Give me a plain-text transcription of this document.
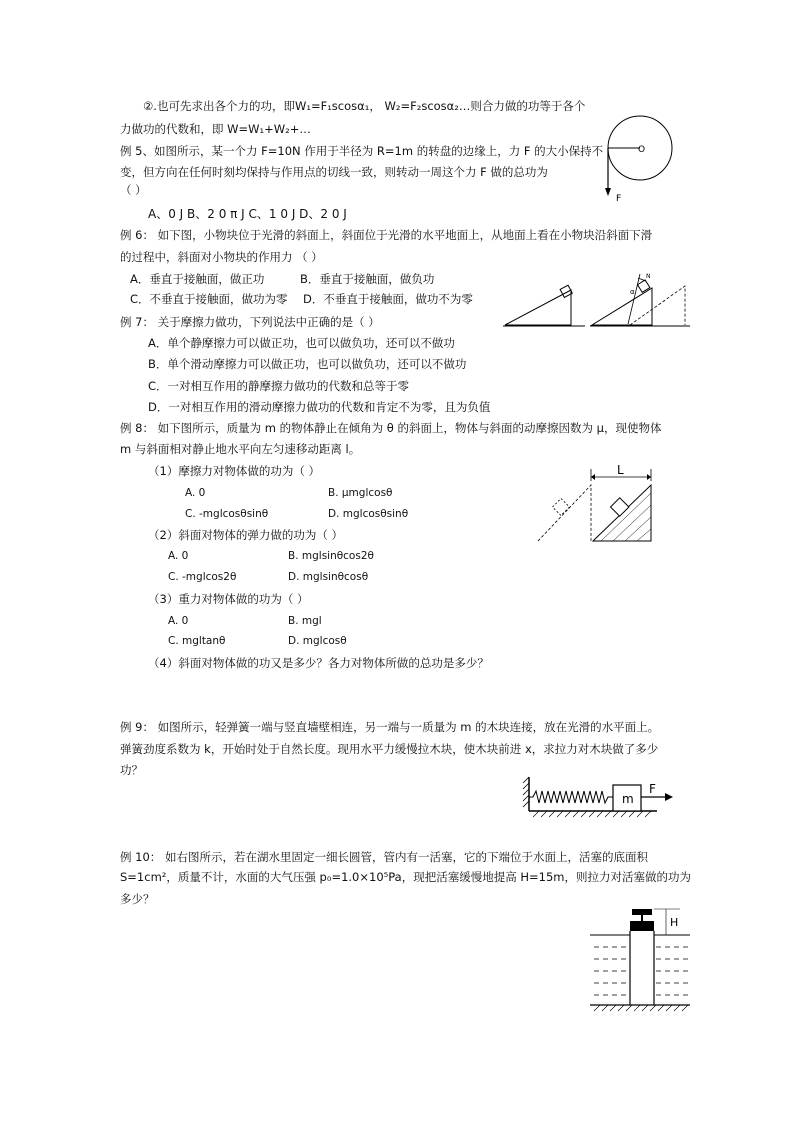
②.也可先求出各个力的功，即W₁=F₁scosα₁， W₂=F₂scosα₂…则合力做的功等于各个
力做功的代数和，即 W=W₁+W₂+…
例 5、如图所示，某一个力 F=10N 作用于半径为 R=1m 的转盘的边缘上，力 F 的大小保持不
变，但方向在任何时刻均保持与作用点的切线一致，则转动一周这个力 F 做的总功为
（ ）
A、0 J B、2 0 π J C、1 0 J D、2 0 J
O
F
例 6： 如下图，小物块位于光滑的斜面上，斜面位于光滑的水平地面上，从地面上看在小物块沿斜面下滑
的过程中，斜面对小物块的作用力 （ ）
A．垂直于接触面，做正功	B．垂直于接触面，做负功
C．不垂直于接触面，做功为零 D．不垂直于接触面，做功不为零
N
α
例 7： 关于摩擦力做功，下列说法中正确的是（ ）
A．单个静摩擦力可以做正功，也可以做负功，还可以不做功
B．单个滑动摩擦力可以做正功，也可以做负功，还可以不做功
C．一对相互作用的静摩擦力做功的代数和总等于零
D．一对相互作用的滑动摩擦力做功的代数和肯定不为零，且为负值
例 8： 如下图所示，质量为 m 的物体静止在倾角为 θ 的斜面上，物体与斜面的动摩擦因数为 μ，现使物体
m 与斜面相对静止地水平向左匀速移动距离 l。
（1）摩擦力对物体做的功为（ ）
A. 0	B. μmglcosθ
C. -mglcosθsinθ	D. mglcosθsinθ
（2）斜面对物体的弹力做的功为（ ）
A. 0	B. mglsinθcos2θ
C. -mglcos2θ	D. mglsinθcosθ
（3）重力对物体做的功为（ ）
A. 0	B. mgl
C. mgltanθ	D. mglcosθ
（4）斜面对物体做的功又是多少？各力对物体所做的总功是多少？
L
例 9： 如图所示，轻弹簧一端与竖直墙壁相连，另一端与一质量为 m 的木块连接，放在光滑的水平面上。
弹簧劲度系数为 k，开始时处于自然长度。现用水平力缓慢拉木块，使木块前进 x，求拉力对木块做了多少
功？
m
F
例 10： 如右图所示，若在湖水里固定一细长圆管，管内有一活塞，它的下端位于水面上，活塞的底面积
S=1cm²，质量不计，水面的大气压强 p₀=1.0×10⁵Pa，现把活塞缓慢地提高 H=15m，则拉力对活塞做的功为
多少？
H
